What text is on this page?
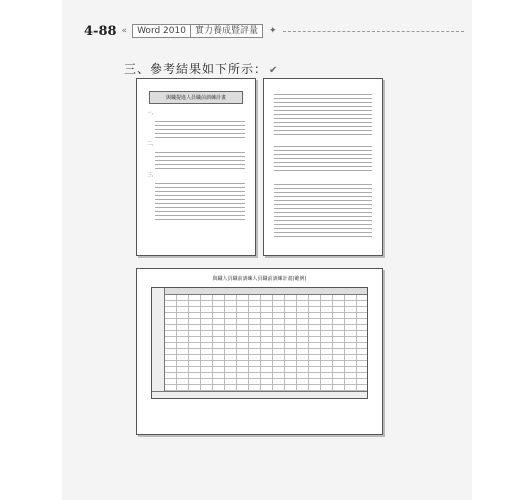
4-88 «	Word 2010	實力養成暨評量	✦
三、參考結果如下所示： ✔
與職提進人員職前訓練計畫
一、
二、
三、
與職人員職前訓練人員職前訓練計畫(範例)
